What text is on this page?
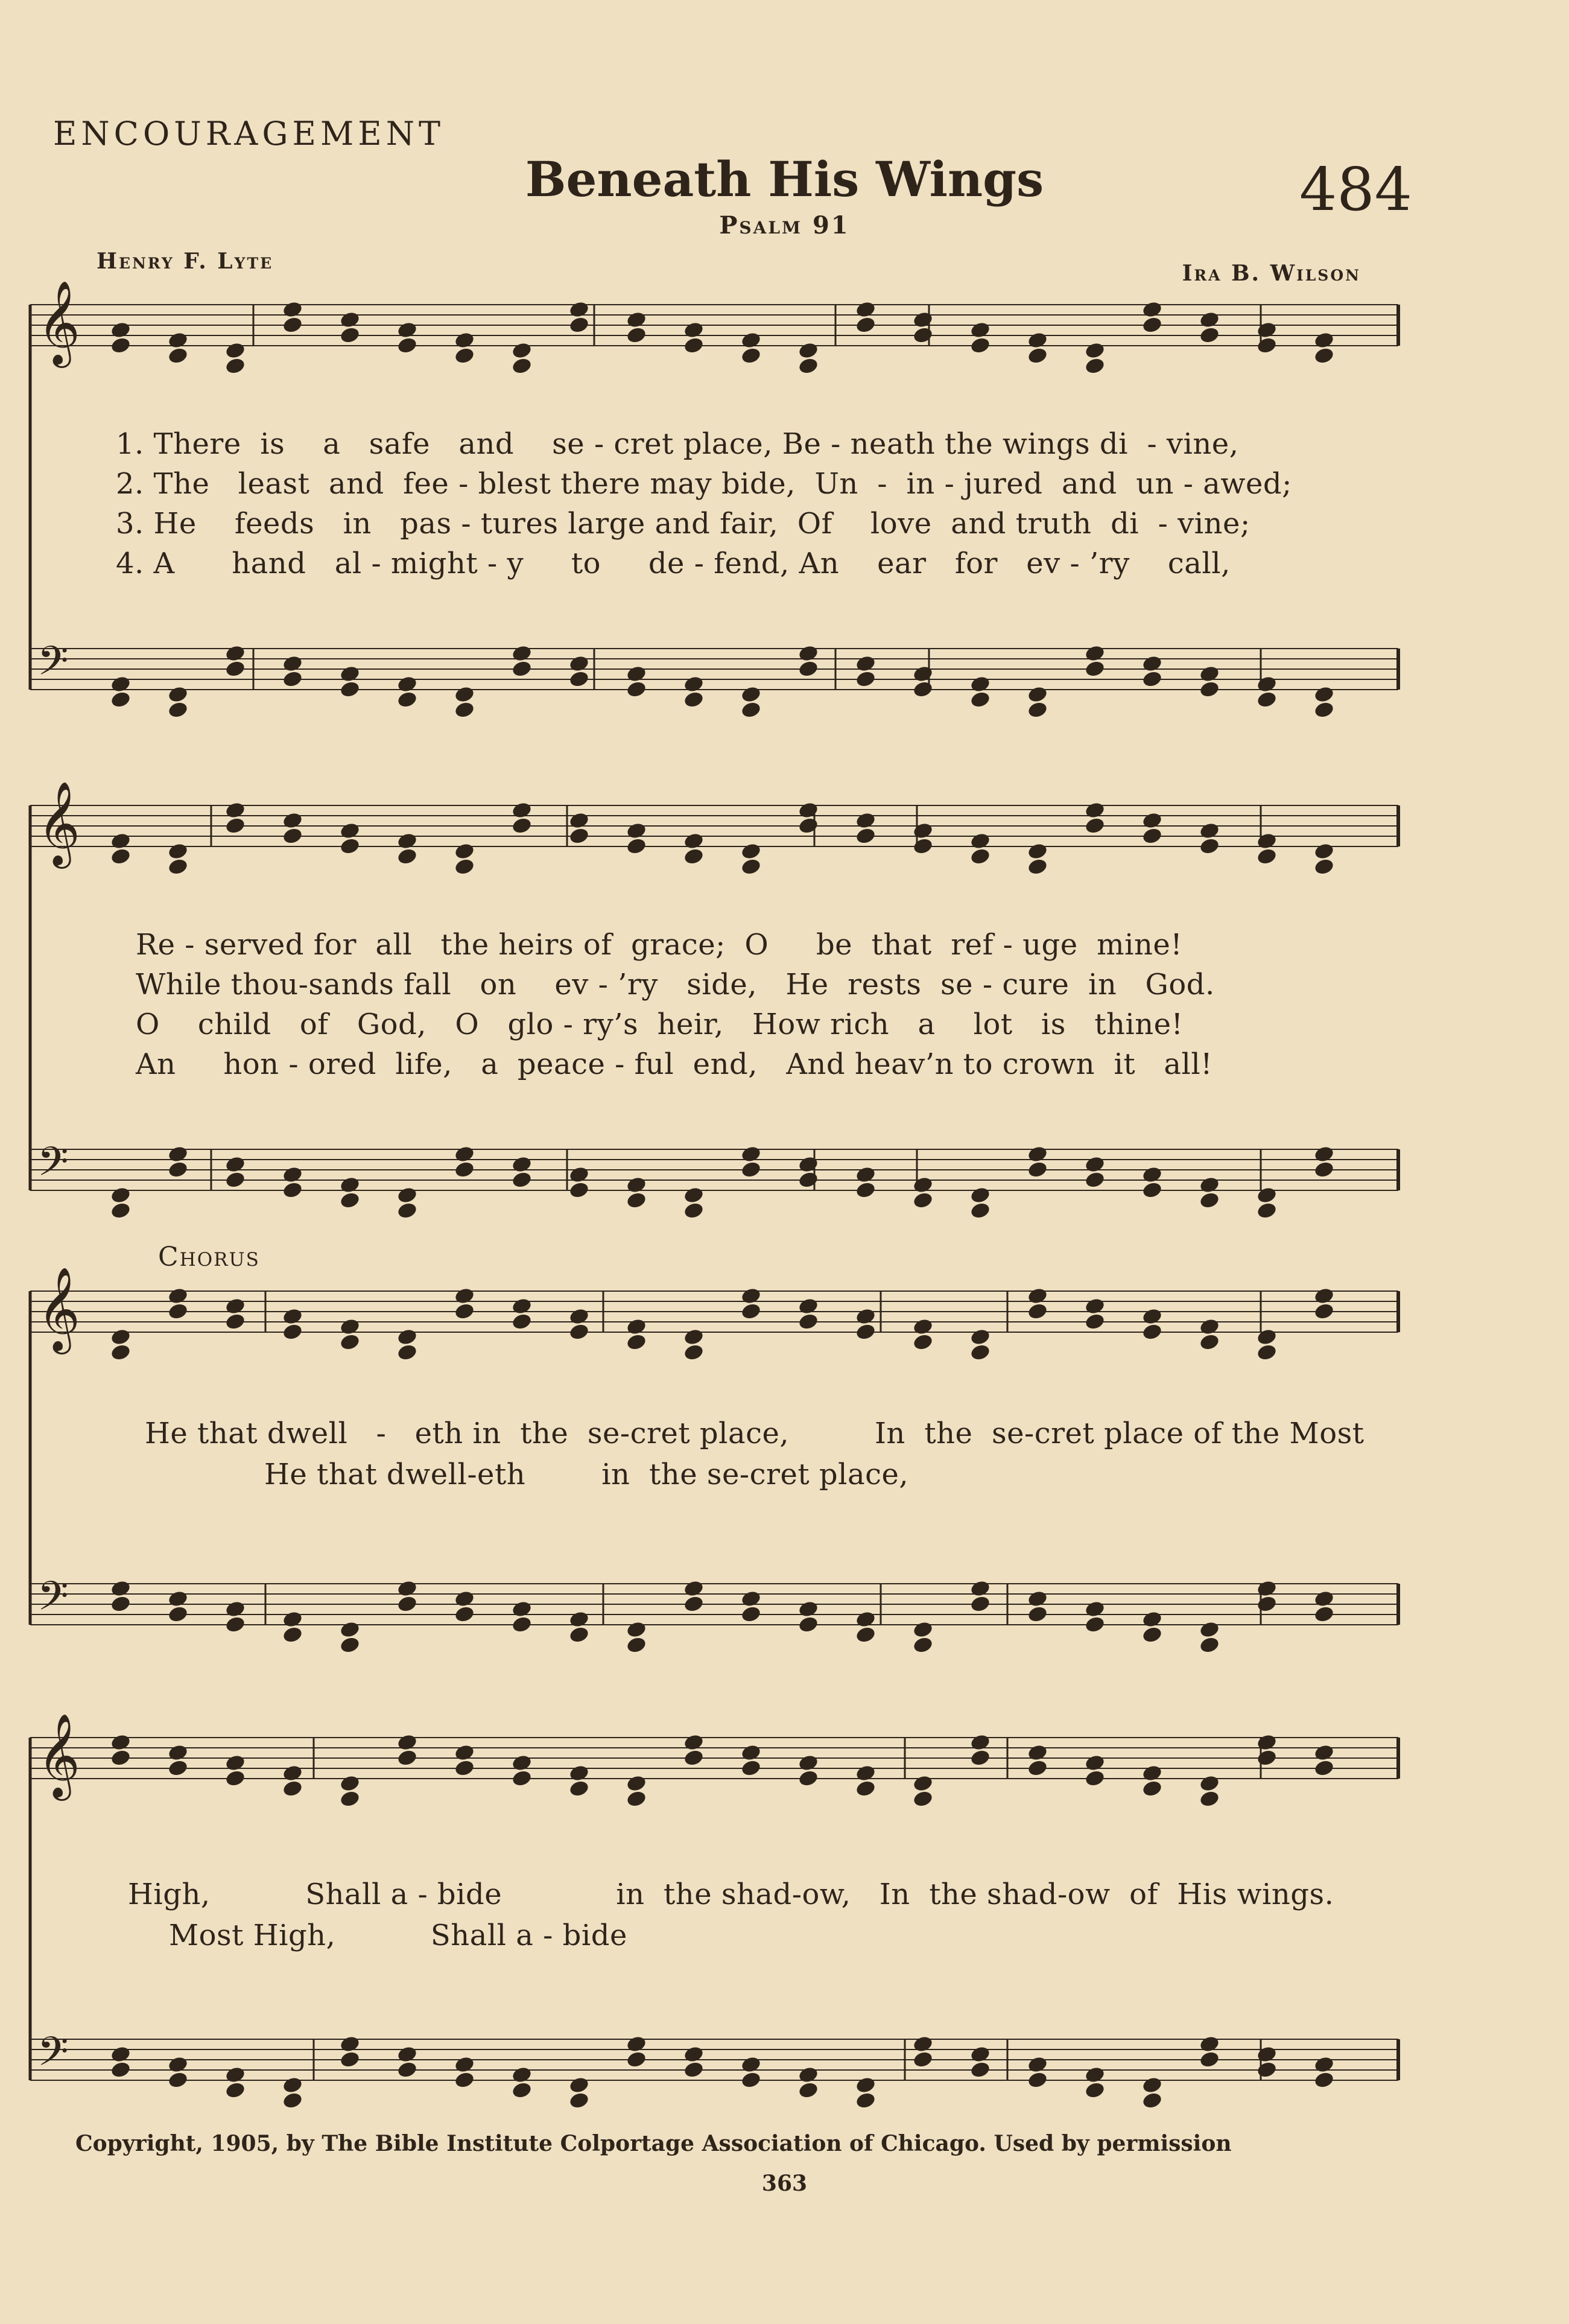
ENCOURAGEMENT
Beneath His Wings	484
Psalm 91
Henry F. Lyte	Ira B. Wilson
𝄞
𝄢
𝄞
𝄢
𝄞
𝄢
𝄞
𝄢
1. There  is    a   safe   and    se - cret place, Be - neath the wings di  - vine,
2. The   least  and  fee - blest there may bide,  Un  -  in - jured  and  un - awed;
3. He    feeds   in   pas - tures large and fair,  Of    love  and truth  di  - vine;
4. A      hand   al - might - y     to     de - fend, An    ear   for   ev - ’ry    call,
Re - served for  all   the heirs of  grace;  O     be  that  ref - uge  mine!
While thou-sands fall   on    ev - ’ry   side,   He  rests  se - cure  in   God.
O    child   of   God,   O   glo - ry’s  heir,   How rich   a    lot   is   thine!
An     hon - ored  life,   a  peace - ful  end,   And heav’n to crown  it   all!
Chorus
He that dwell   -   eth in  the  se-cret place,         In  the  se-cret place of the Most
He that dwell-eth        in  the se-cret place,
High,          Shall a - bide            in  the shad-ow,   In  the shad-ow  of  His wings.
Most High,          Shall a - bide
Copyright, 1905, by The Bible Institute Colportage Association of Chicago. Used by permission
363
